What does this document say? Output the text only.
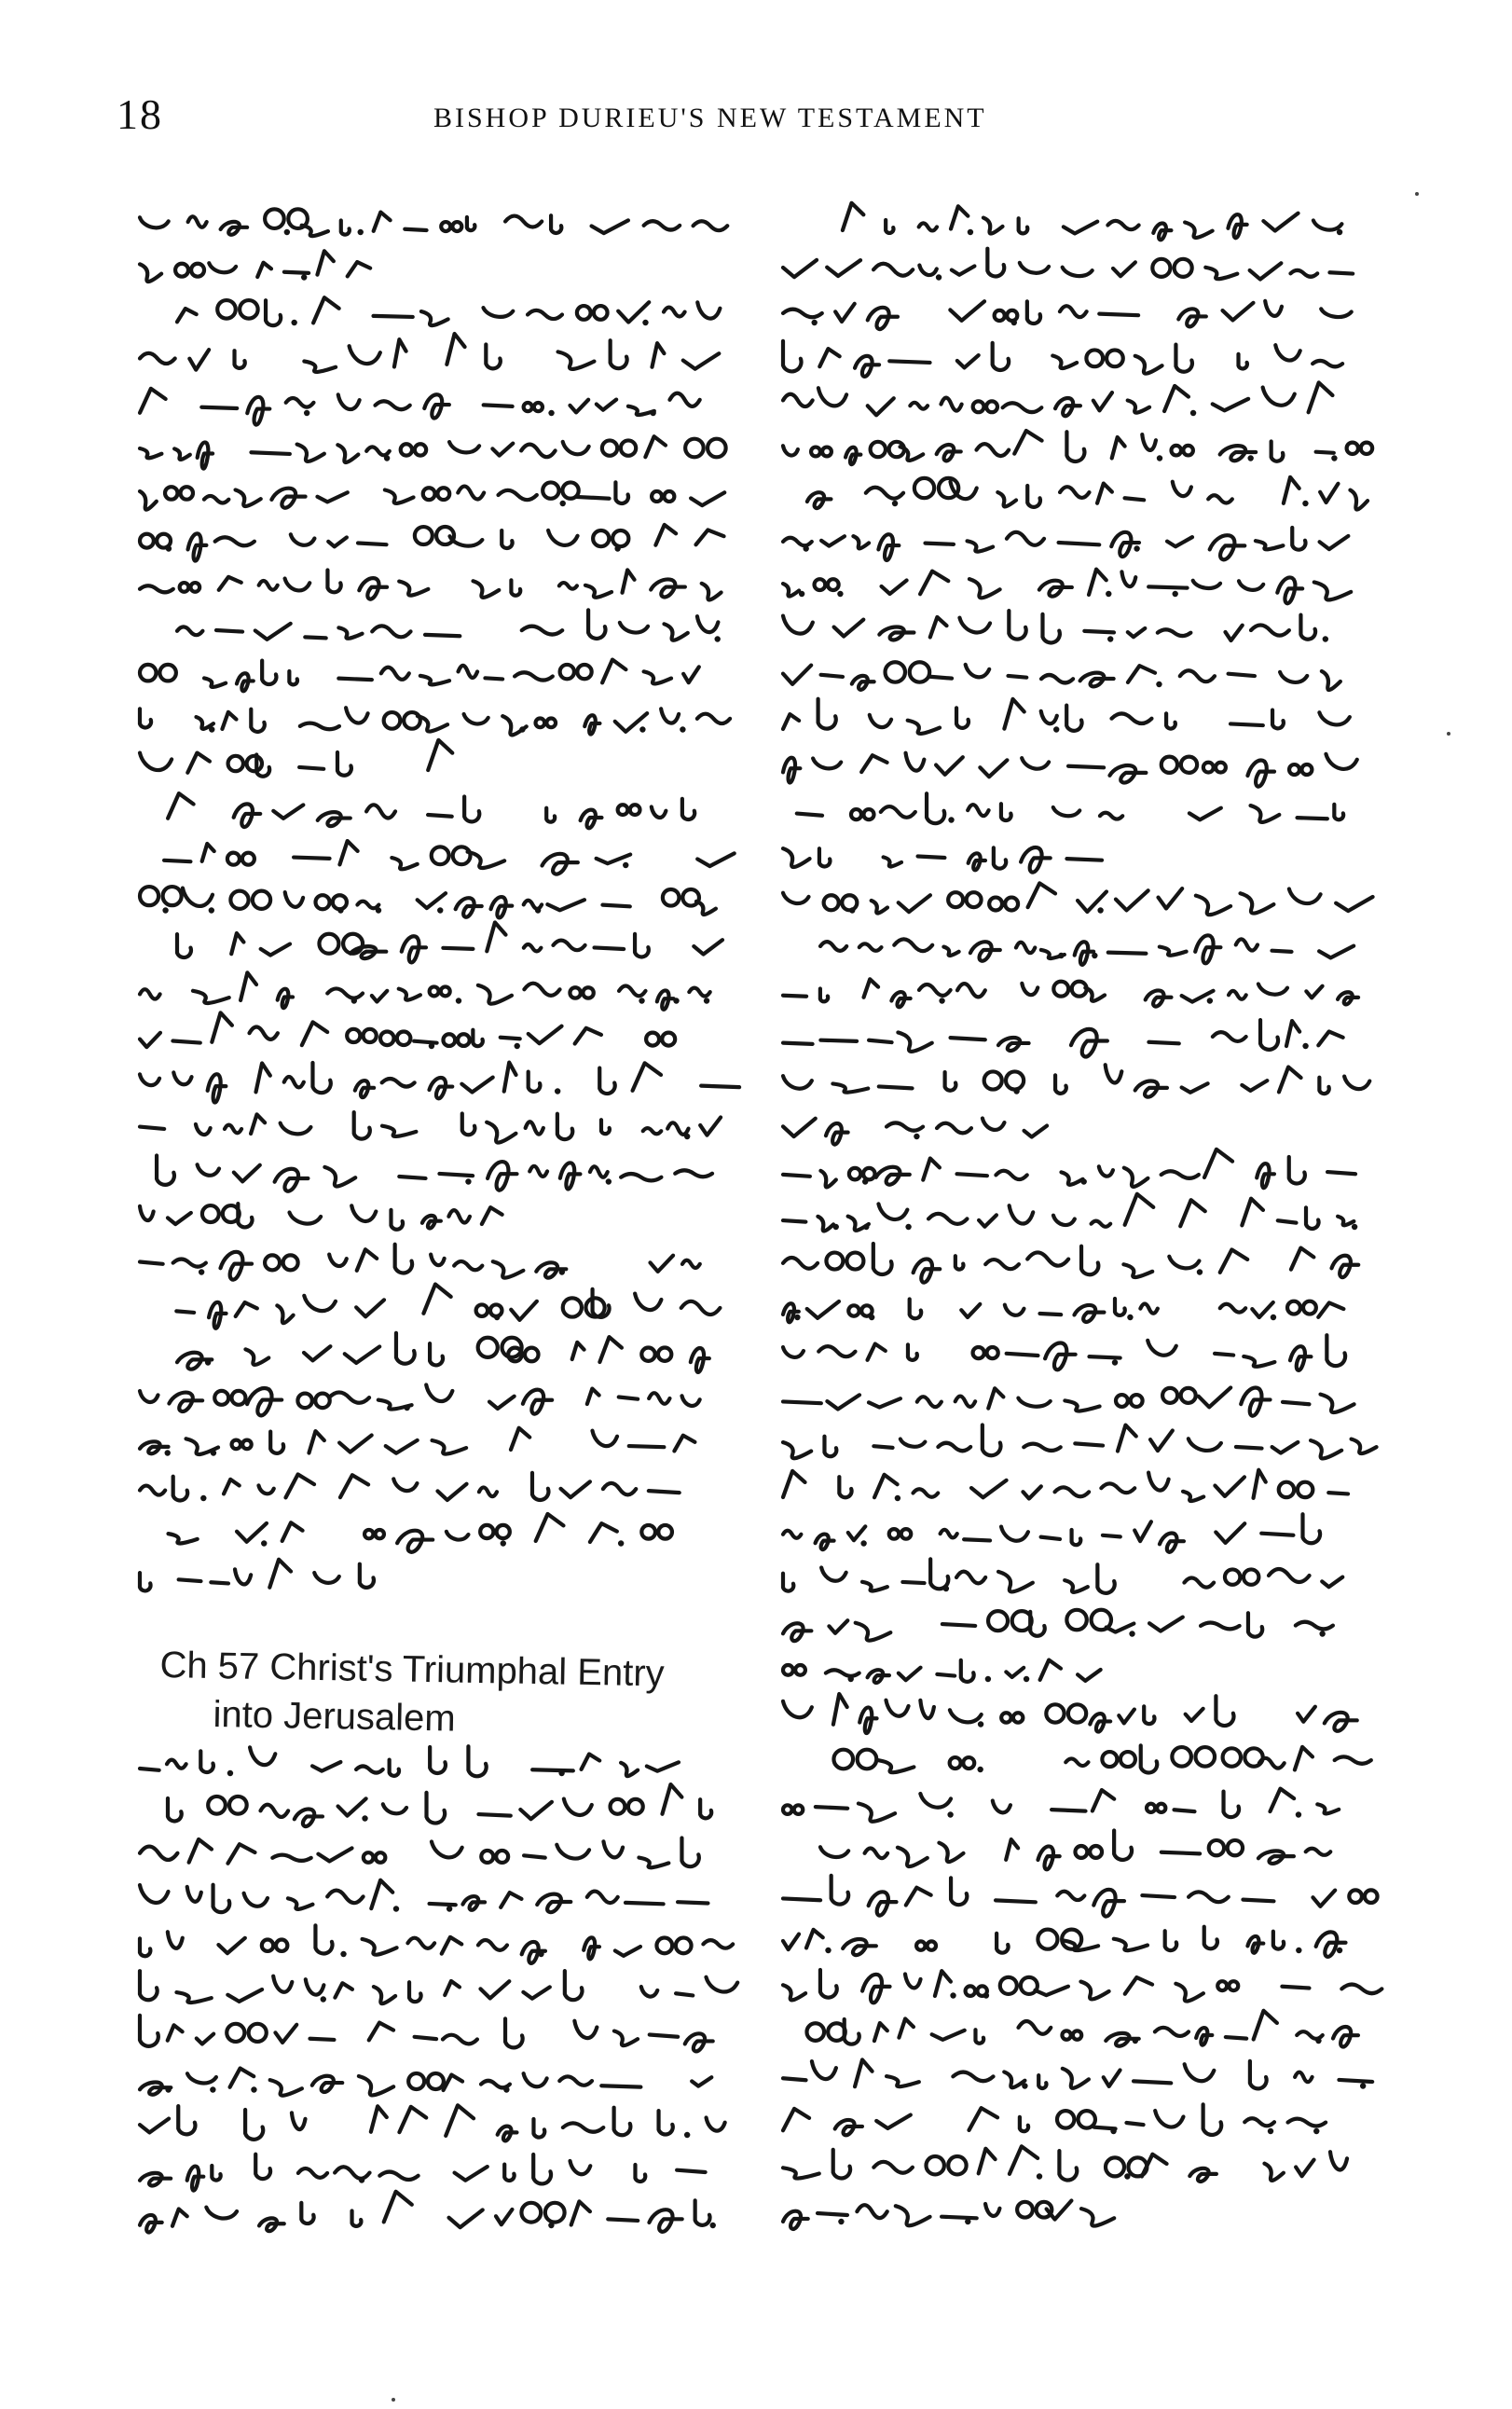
18	BISHOP DURIEU'S NEW TESTAMENT
Ch 57 Christ's Triumphal Entry
into Jerusalem
